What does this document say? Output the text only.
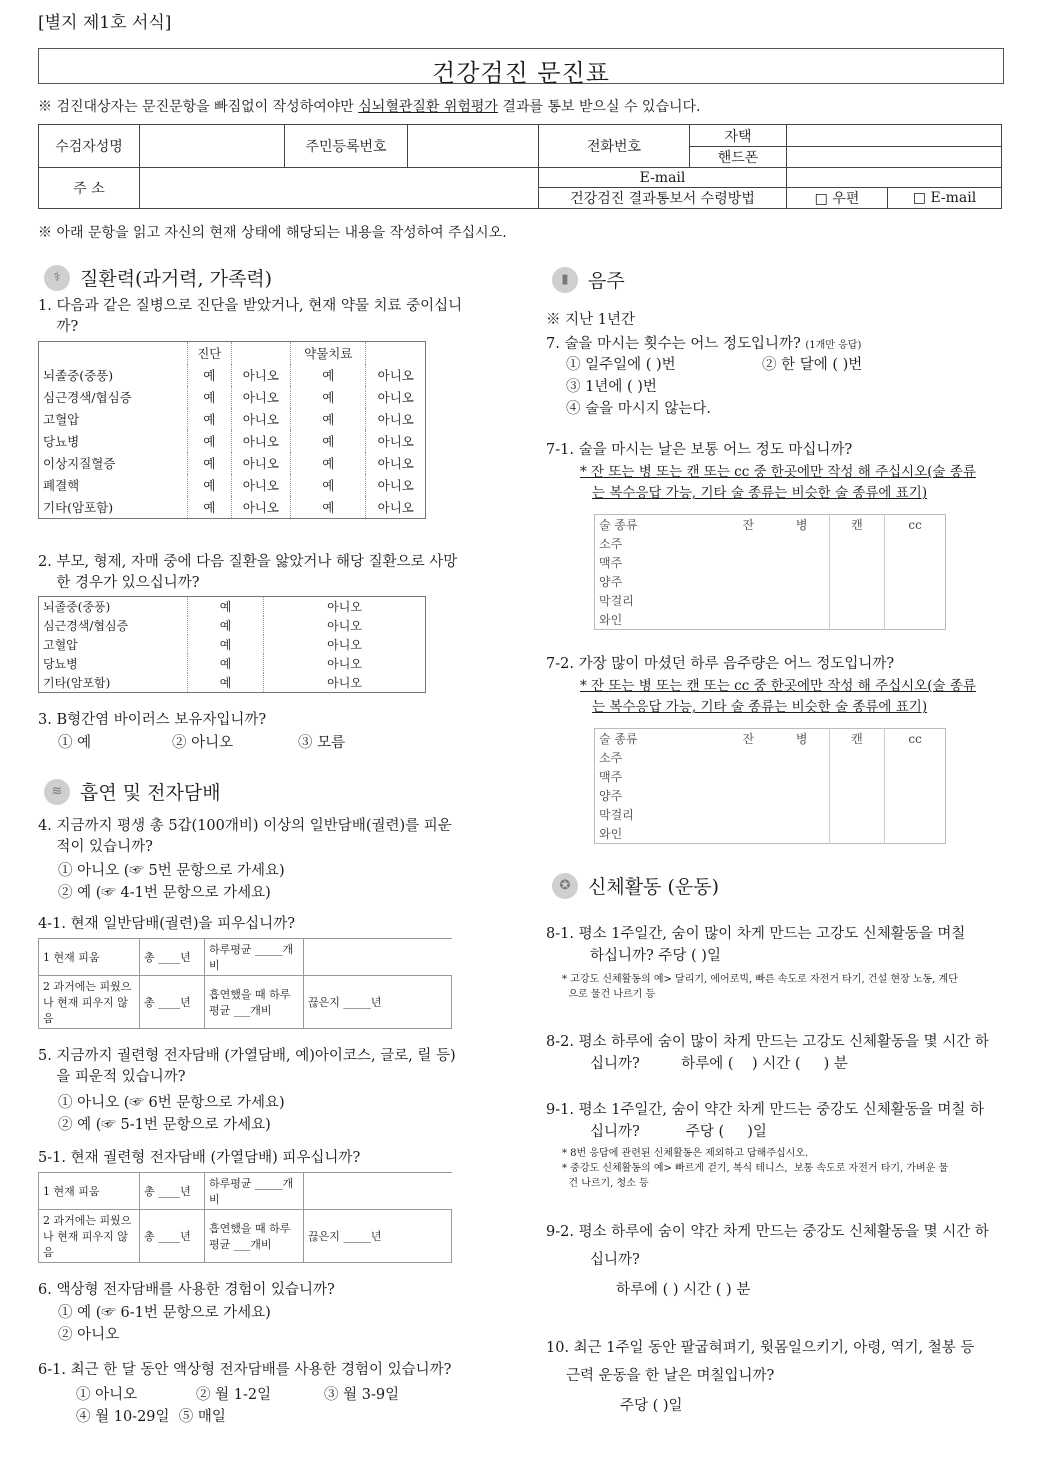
[별지 제1호 서식]
건강검진 문진표
※ 검진대상자는 문진문항을 빠짐없이 작성하여야만 심뇌혈관질환 위험평가 결과를 통보 받으실 수 있습니다.
수검자성명		주민등록번호		전화번호	자택		
					핸드폰		
주 소				E-mail			
				건강검진 결과통보서 수령방법		□ 우편	□ E-mail
※ 아래 문항을 읽고 자신의 현재 상태에 해당되는 내용을 작성하여 주십시오.
⚕	질환력(과거력, 가족력)
1. 다음과 같은 질병으로 진단을 받았거나, 현재 약물 치료 중이십니
까?
	진단		약물치료	
뇌졸중(중풍)	예	아니오	예	아니오
심근경색/협심증	예	아니오	예	아니오
고혈압	예	아니오	예	아니오
당뇨병	예	아니오	예	아니오
이상지질혈증	예	아니오	예	아니오
폐결핵	예	아니오	예	아니오
기타(암포함)	예	아니오	예	아니오
2. 부모, 형제, 자매 중에 다음 질환을 앓았거나 해당 질환으로 사망
한 경우가 있으십니까?
뇌졸중(중풍)	예	아니오
심근경색/협심증	예	아니오
고혈압	예	아니오
당뇨병	예	아니오
기타(암포함)	예	아니오
3. B형간염 바이러스 보유자입니까?
① 예	② 아니오	③ 모름
≋ 흡연 및 전자담배
4. 지금까지 평생 총 5갑(100개비) 이상의 일반담배(궐련)를 피운
적이 있습니까?
① 아니오 (☞ 5번 문항으로 가세요)
② 예 (☞ 4-1번 문항으로 가세요)
4-1. 현재 일반담배(궐련)을 피우십니까?
1 현재 피움	총 ____년	하루평균 _____개비	
2 과거에는 피웠으나 현재 피우지 않음	총 ____년	흡연했을 때 하루평균 ___개비	끊은지 _____년
5. 지금까지 궐련형 전자담배 (가열담배, 예)아이코스, 글로, 릴 등)
을 피운적 있습니까?
① 아니오 (☞ 6번 문항으로 가세요)
② 예 (☞ 5-1번 문항으로 가세요)
5-1. 현재 궐련형 전자담배 (가열담배) 피우십니까?
1 현재 피움	총 ____년	하루평균 _____개비	
2 과거에는 피웠으나 현재 피우지 않음	총 ____년	흡연했을 때 하루평균 ___개비	끊은지 _____년
6. 액상형 전자담배를 사용한 경험이 있습니까?
① 예 (☞ 6-1번 문항으로 가세요)
② 아니오
6-1. 최근 한 달 동안 액상형 전자담배를 사용한 경험이 있습니까?
① 아니오	② 월 1-2일	③ 월 3-9일
④ 월 10-29일  ⑤ 매일
▮	음주
※ 지난 1년간
7. 술을 마시는 횟수는 어느 정도입니까? (1개만 응답)
① 일주일에 ( )번	② 한 달에 ( )번
③ 1년에 ( )번
④ 술을 마시지 않는다.
7-1. 술을 마시는 날은 보통 어느 정도 마십니까?
* 잔 또는 병 또는 캔 또는 cc 중 한곳에만 작성 해 주십시오(술 종류
는 복수응답 가능, 기타 술 종류는 비슷한 술 종류에 표기)
술 종류	잔	병	캔	cc
소주				
맥주				
양주				
막걸리				
와인				
7-2. 가장 많이 마셨던 하루 음주량은 어느 정도입니까?
* 잔 또는 병 또는 캔 또는 cc 중 한곳에만 작성 해 주십시오(술 종류
는 복수응답 가능, 기타 술 종류는 비슷한 술 종류에 표기)
술 종류	잔	병	캔	cc
소주				
맥주				
양주				
막걸리				
와인				
✪ 신체활동 (운동)
8-1. 평소 1주일간, 숨이 많이 차게 만드는 고강도 신체활동을 며칠
하십니까? 주당 ( )일
* 고강도 신체활동의 예> 달리기, 에어로빅, 빠른 속도로 자전거 타기, 건설 현장 노동, 계단
으로 물건 나르기 등
8-2. 평소 하루에 숨이 많이 차게 만드는 고강도 신체활동을 몇 시간 하
십니까?         하루에 (    ) 시간 (     ) 분
9-1. 평소 1주일간, 숨이 약간 차게 만드는 중강도 신체활동을 며칠 하
십니까?          주당 (     )일
* 8번 응답에 관련된 신체활동은 제외하고 답해주십시오.
* 중강도 신체활동의 예> 빠르게 걷기, 복식 테니스,  보통 속도로 자전거 타기, 가벼운 물
건 나르기, 청소 등
9-2. 평소 하루에 숨이 약간 차게 만드는 중강도 신체활동을 몇 시간 하
십니까?
하루에 ( ) 시간 ( ) 분
10. 최근 1주일 동안 팔굽혀펴기, 윗몸일으키기, 아령, 역기, 철봉 등
근력 운동을 한 날은 며칠입니까?
주당 ( )일
